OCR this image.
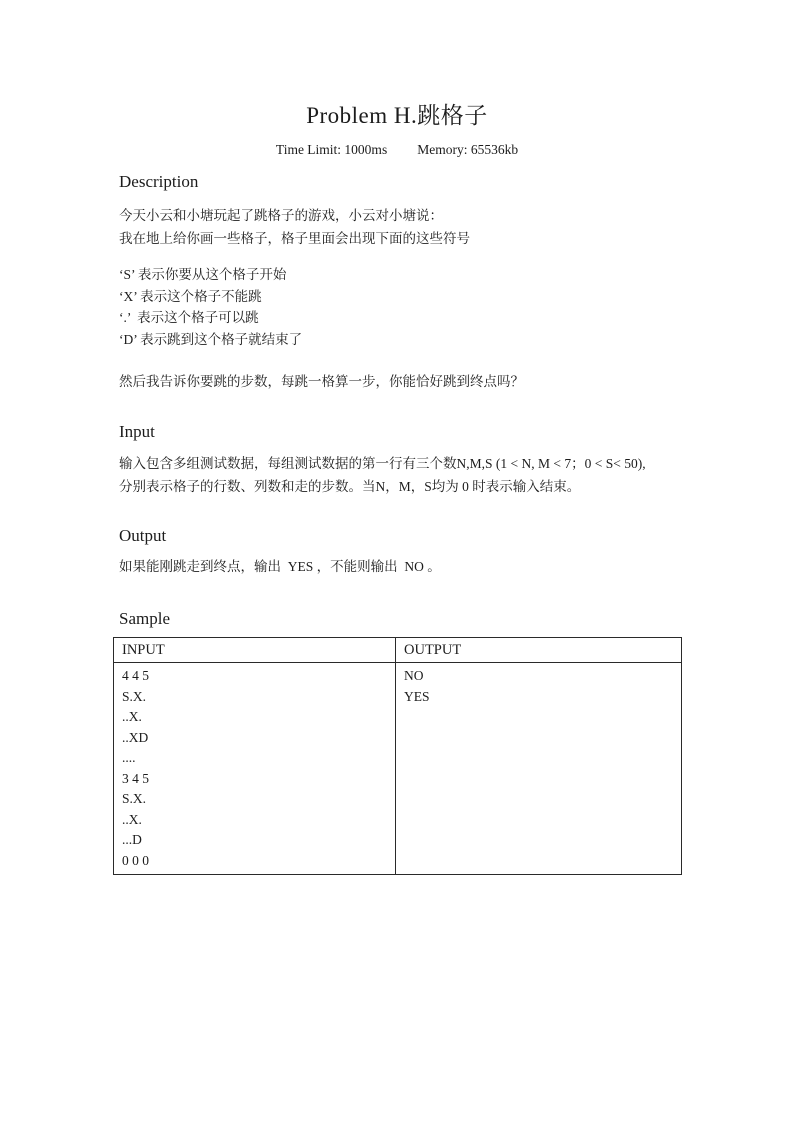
Problem H.跳格子
Time Limit: 1000ms Memory: 65536kb
Description
今天小云和小塘玩起了跳格子的游戏，小云对小塘说：
我在地上给你画一些格子，格子里面会出现下面的这些符号
‘S’ 表示你要从这个格子开始
‘X’ 表示这个格子不能跳
‘.’  表示这个格子可以跳
‘D’ 表示跳到这个格子就结束了
然后我告诉你要跳的步数，每跳一格算一步，你能恰好跳到终点吗？
Input
输入包含多组测试数据，每组测试数据的第一行有三个数N,M,S (1 < N, M < 7；0 < S< 50),
分别表示格子的行数、列数和走的步数。当N，M，S均为 0 时表示输入结束。
Output
如果能刚跳走到终点，输出  YES ，不能则输出  NO 。
Sample
INPUT	OUTPUT

4 4 5
S.X.
..X.
..XD
....
3 4 5
S.X.
..X.
...D
0 0 0

NO
YES
